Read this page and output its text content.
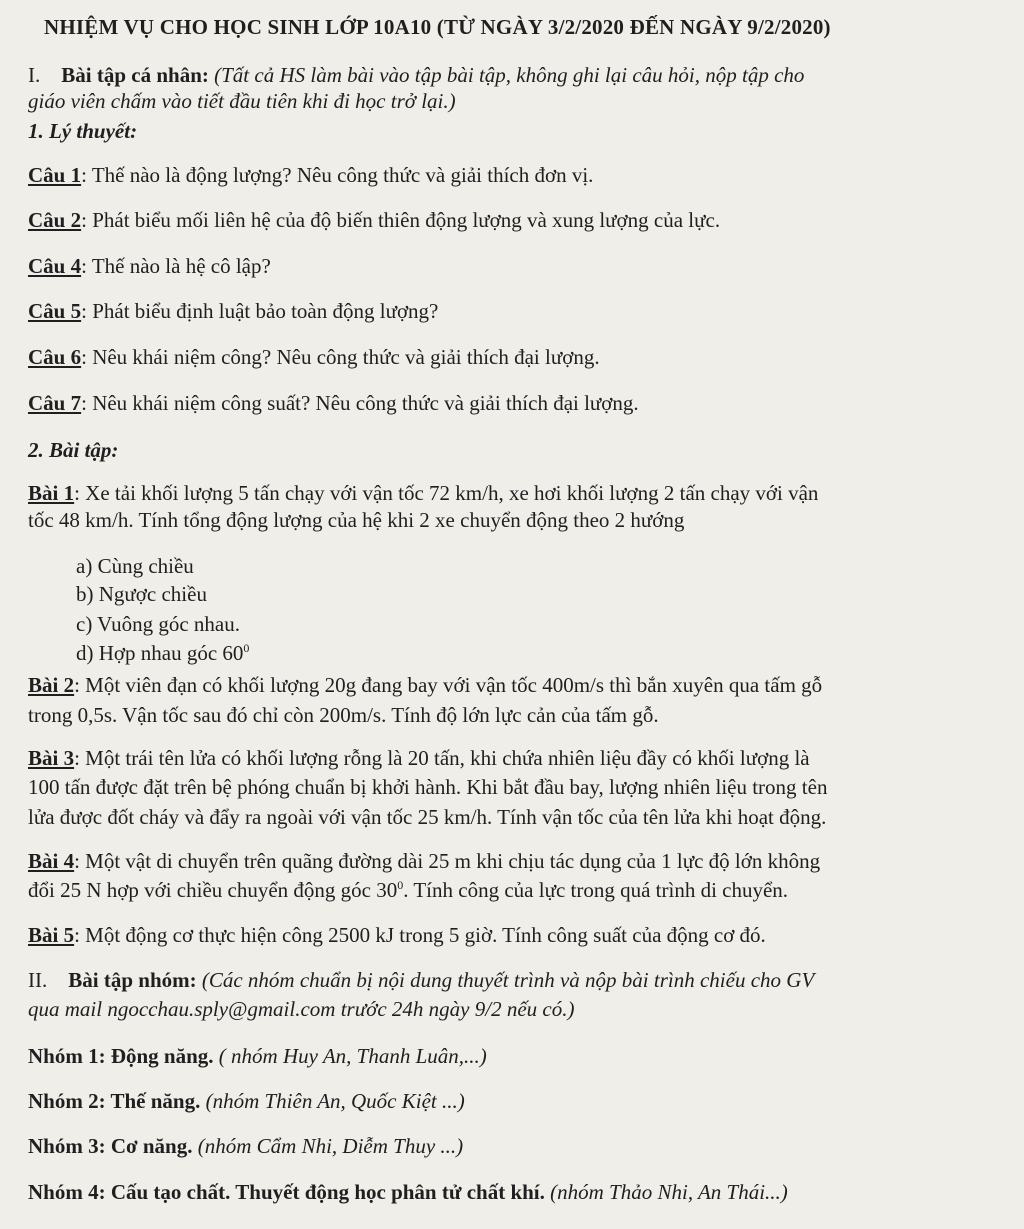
NHIỆM VỤ CHO HỌC SINH LỚP 10A10 (TỪ NGÀY 3/2/2020 ĐẾN NGÀY 9/2/2020)
I. Bài tập cá nhân: (Tất cả HS làm bài vào tập bài tập, không ghi lại câu hỏi, nộp tập cho
giáo viên chấm vào tiết đầu tiên khi đi học trở lại.)
1. Lý thuyết:
Câu 1: Thế nào là động lượng? Nêu công thức và giải thích đơn vị.
Câu 2: Phát biểu mối liên hệ của độ biến thiên động lượng và xung lượng của lực.
Câu 4: Thế nào là hệ cô lập?
Câu 5: Phát biểu định luật bảo toàn động lượng?
Câu 6: Nêu khái niệm công? Nêu công thức và giải thích đại lượng.
Câu 7: Nêu khái niệm công suất? Nêu công thức và giải thích đại lượng.
2. Bài tập:
Bài 1: Xe tải khối lượng 5 tấn chạy với vận tốc 72 km/h, xe hơi khối lượng 2 tấn chạy với vận
tốc 48 km/h. Tính tổng động lượng của hệ khi 2 xe chuyển động theo 2 hướng
a) Cùng chiều
b) Ngược chiều
c) Vuông góc nhau.
d) Hợp nhau góc $60^0$
Bài 2: Một viên đạn có khối lượng 20g đang bay với vận tốc 400m/s thì bắn xuyên qua tấm gỗ
trong 0,5s. Vận tốc sau đó chỉ còn 200m/s. Tính độ lớn lực cản của tấm gỗ.
Bài 3: Một trái tên lửa có khối lượng rỗng là 20 tấn, khi chứa nhiên liệu đầy có khối lượng là
100 tấn được đặt trên bệ phóng chuẩn bị khởi hành. Khi bắt đầu bay, lượng nhiên liệu trong tên
lửa được đốt cháy và đẩy ra ngoài với vận tốc 25 km/h. Tính vận tốc của tên lửa khi hoạt động.
Bài 4: Một vật di chuyển trên quãng đường dài 25 m khi chịu tác dụng của 1 lực độ lớn không
đổi 25 N hợp với chiều chuyển động góc $30^0$. Tính công của lực trong quá trình di chuyển.
Bài 5: Một động cơ thực hiện công 2500 kJ trong 5 giờ. Tính công suất của động cơ đó.
II. Bài tập nhóm: (Các nhóm chuẩn bị nội dung thuyết trình và nộp bài trình chiếu cho GV
qua mail ngocchau.sply@gmail.com trước 24h ngày 9/2 nếu có.)
Nhóm 1: Động năng. ( nhóm Huy An, Thanh Luân,...)
Nhóm 2: Thế năng. (nhóm Thiên An, Quốc Kiệt ...)
Nhóm 3: Cơ năng. (nhóm Cẩm Nhi, Diễm Thuy ...)
Nhóm 4: Cấu tạo chất. Thuyết động học phân tử chất khí. (nhóm Thảo Nhi, An Thái...)
